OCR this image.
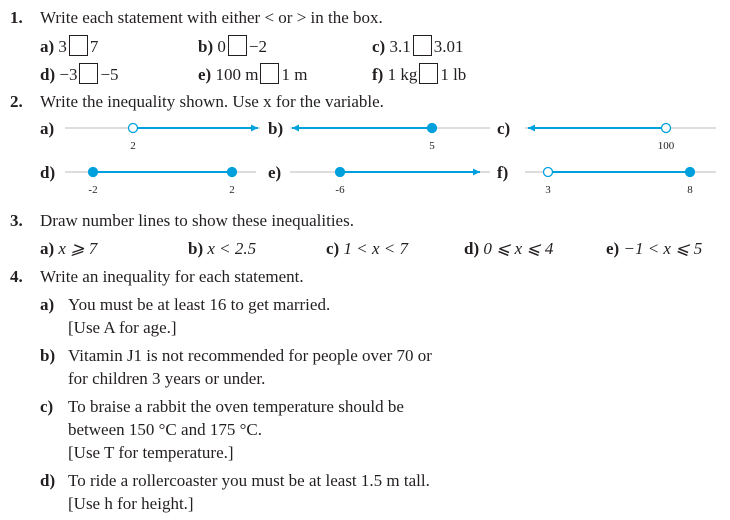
1. Write each statement with either < or > in the box.
a) 3 7	b) 0 −2	c) 3.1 3.01
d) −3 −5	e) 100 m 1 m	f) 1 kg 1 lb
2. Write the inequality shown. Use x for the variable.
a)
2
b)
5
c)
100
d)
-2	2
e)
-6
f)
3	8
3. Draw number lines to show these inequalities.
a) x ⩾ 7	b) x < 2.5	c) 1 < x < 7	d) 0 ⩽ x ⩽ 4	e) −1 < x ⩽ 5
4. Write an inequality for each statement.
a) You must be at least 16 to get married.
[Use A for age.]
b) Vitamin J1 is not recommended for people over 70 or
for children 3 years or under.
c) To braise a rabbit the oven temperature should be
between 150 °C and 175 °C.
[Use T for temperature.]
d) To ride a rollercoaster you must be at least 1.5 m tall.
[Use h for height.]
